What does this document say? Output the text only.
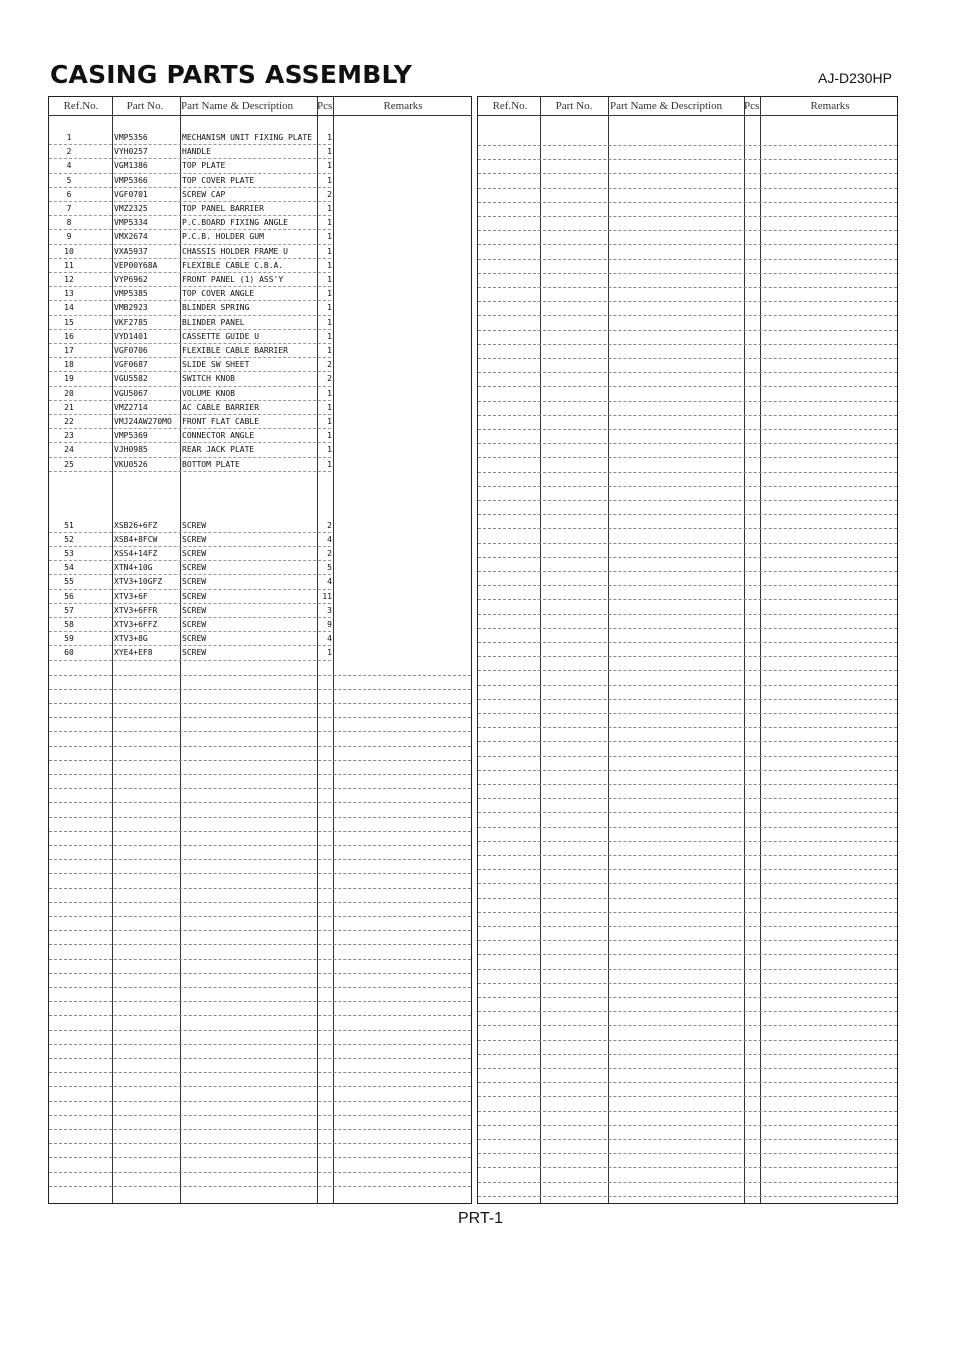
CASING PARTS ASSEMBLY	AJ-D230HP
Ref.No.	Part No.	Part Name & Description	Pcs	Remarks
1	VMP5356	MECHANISM UNIT FIXING PLATE	1
2	VYH0257	HANDLE	1
4	VGM1386	TOP PLATE	1
5	VMP5366	TOP COVER PLATE	1
6	VGF0701	SCREW CAP	2
7	VMZ2325	TOP PANEL BARRIER	1
8	VMP5334	P.C.BOARD FIXING ANGLE	1
9	VMX2674	P.C.B. HOLDER GUM	1
10	VXA5937	CHASSIS HOLDER FRAME U	1
11	VEP00Y68A	FLEXIBLE CABLE C.B.A.	1
12	VYP6962	FRONT PANEL (1) ASS'Y	1
13	VMP5385	TOP COVER ANGLE	1
14	VMB2923	BLINDER SPRING	1
15	VKF2785	BLINDER PANEL	1
16	VYD1401	CASSETTE GUIDE U	1
17	VGF0706	FLEXIBLE CABLE BARRIER	1
18	VGF0687	SLIDE SW SHEET	2
19	VGU5582	SWITCH KNOB	2
20	VGU5067	VOLUME KNOB	1
21	VMZ2714	AC CABLE BARRIER	1
22	VMJ24AW270MO	FRONT FLAT CABLE	1
23	VMP5369	CONNECTOR ANGLE	1
24	VJH0985	REAR JACK PLATE	1
25	VKU0526	BOTTOM PLATE	1
51	XSB26+6FZ	SCREW	2
52	XSB4+8FCW	SCREW	4
53	XSS4+14FZ	SCREW	2
54	XTN4+10G	SCREW	5
55	XTV3+10GFZ	SCREW	4
56	XTV3+6F	SCREW	11
57	XTV3+6FFR	SCREW	3
58	XTV3+6FFZ	SCREW	9
59	XTV3+8G	SCREW	4
60	XYE4+EF8	SCREW	1
Ref.No.	Part No.	Part Name & Description	Pcs	Remarks
PRT-1
